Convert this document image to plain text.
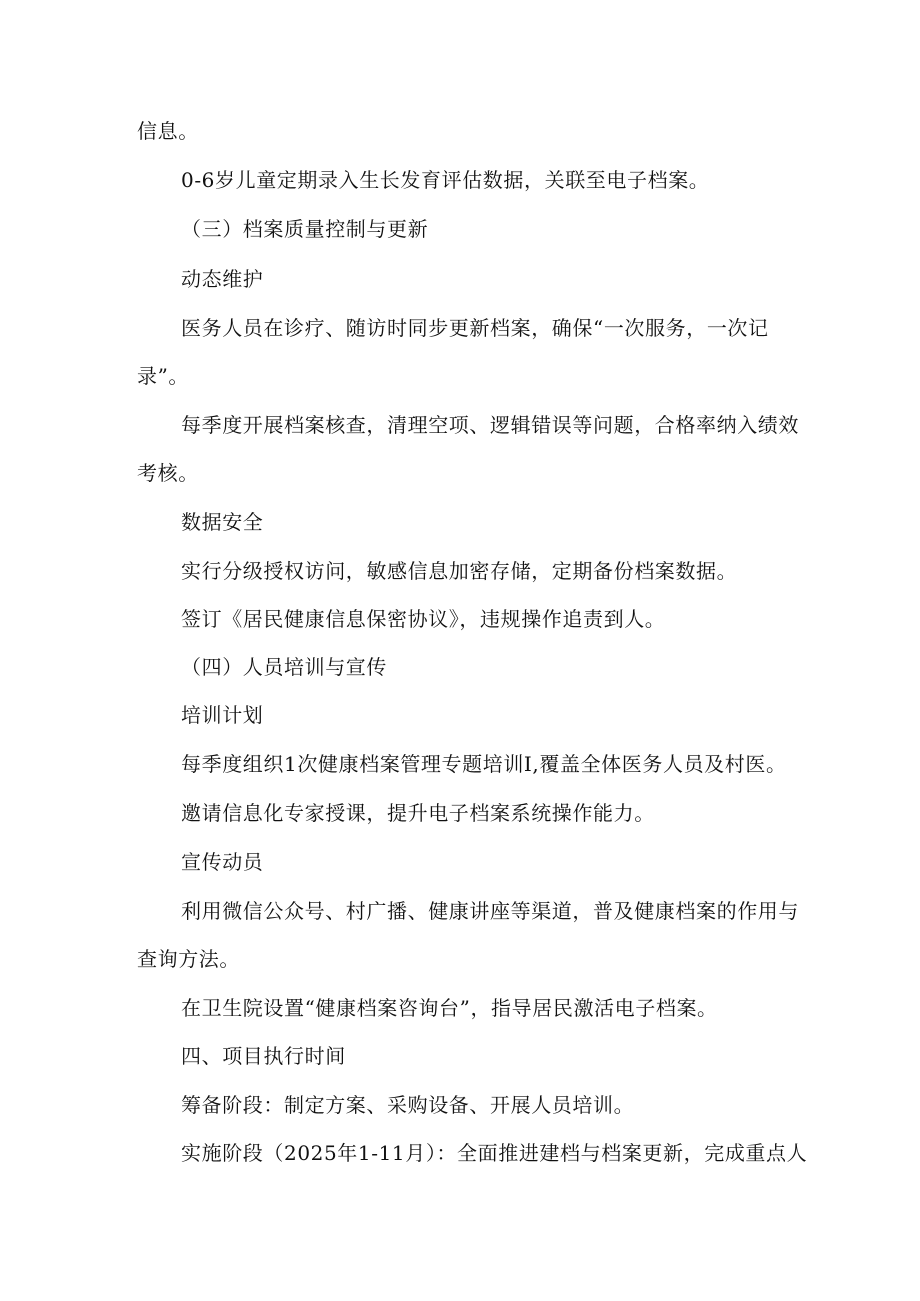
信息。

0-6岁儿童定期录入生长发育评估数据，关联至电子档案。

（三）档案质量控制与更新

动态维护

医务人员在诊疗、随访时同步更新档案，确保“一次服务，一次记

录”。

每季度开展档案核查，清理空项、逻辑错误等问题，合格率纳入绩效

考核。

数据安全

实行分级授权访问，敏感信息加密存储，定期备份档案数据。

签订《居民健康信息保密协议》，违规操作追责到人。

（四）人员培训与宣传

培训计划

每季度组织1次健康档案管理专题培训I,覆盖全体医务人员及村医。

邀请信息化专家授课，提升电子档案系统操作能力。

宣传动员

利用微信公众号、村广播、健康讲座等渠道，普及健康档案的作用与

查询方法。

在卫生院设置“健康档案咨询台”，指导居民激活电子档案。

四、项目执行时间

筹备阶段：制定方案、采购设备、开展人员培训。

实施阶段（2025年1-11月）：全面推进建档与档案更新，完成重点人
